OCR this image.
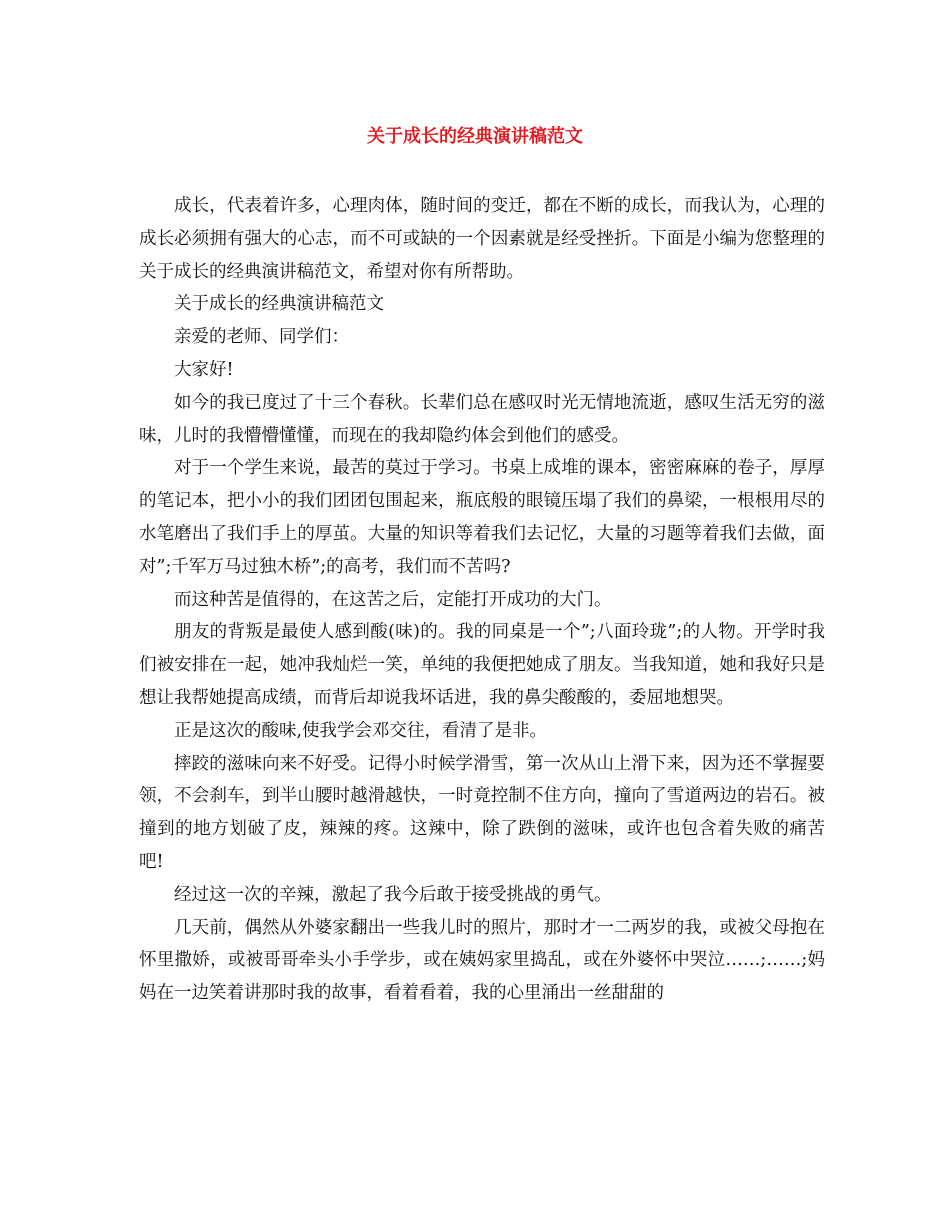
关于成长的经典演讲稿范文

成长，代表着许多，心理肉体，随时间的变迁，都在不断的成长，而我认为，心理的成长必须拥有强大的心志，而不可或缺的一个因素就是经受挫折。下面是小编为您整理的关于成长的经典演讲稿范文，希望对你有所帮助。

关于成长的经典演讲稿范文

亲爱的老师、同学们：

大家好!

如今的我已度过了十三个春秋。长辈们总在感叹时光无情地流逝，感叹生活无穷的滋味，儿时的我懵懵懂懂，而现在的我却隐约体会到他们的感受。

对于一个学生来说，最苦的莫过于学习。书桌上成堆的课本，密密麻麻的卷子，厚厚的笔记本，把小小的我们团团包围起来，瓶底般的眼镜压塌了我们的鼻梁，一根根用尽的水笔磨出了我们手上的厚茧。大量的知识等着我们去记忆，大量的习题等着我们去做，面对”;千军万马过独木桥”;的高考，我们而不苦吗?

而这种苦是值得的，在这苦之后，定能打开成功的大门。

朋友的背叛是最使人感到酸(味)的。我的同桌是一个”;八面玲珑”;的人物。开学时我们被安排在一起，她冲我灿烂一笑，单纯的我便把她成了朋友。当我知道，她和我好只是想让我帮她提高成绩，而背后却说我坏话进，我的鼻尖酸酸的，委屈地想哭。

正是这次的酸味,使我学会邓交往，看清了是非。

摔跤的滋味向来不好受。记得小时候学滑雪，第一次从山上滑下来，因为还不掌握要领，不会刹车，到半山腰时越滑越快，一时竟控制不住方向，撞向了雪道两边的岩石。被撞到的地方划破了皮，辣辣的疼。这辣中，除了跌倒的滋味，或许也包含着失败的痛苦吧!

经过这一次的辛辣，激起了我今后敢于接受挑战的勇气。

几天前，偶然从外婆家翻出一些我儿时的照片，那时才一二两岁的我，或被父母抱在怀里撒娇，或被哥哥牵头小手学步，或在姨妈家里捣乱，或在外婆怀中哭泣……;……;妈妈在一边笑着讲那时我的故事，看着看着，我的心里涌出一丝甜甜的
